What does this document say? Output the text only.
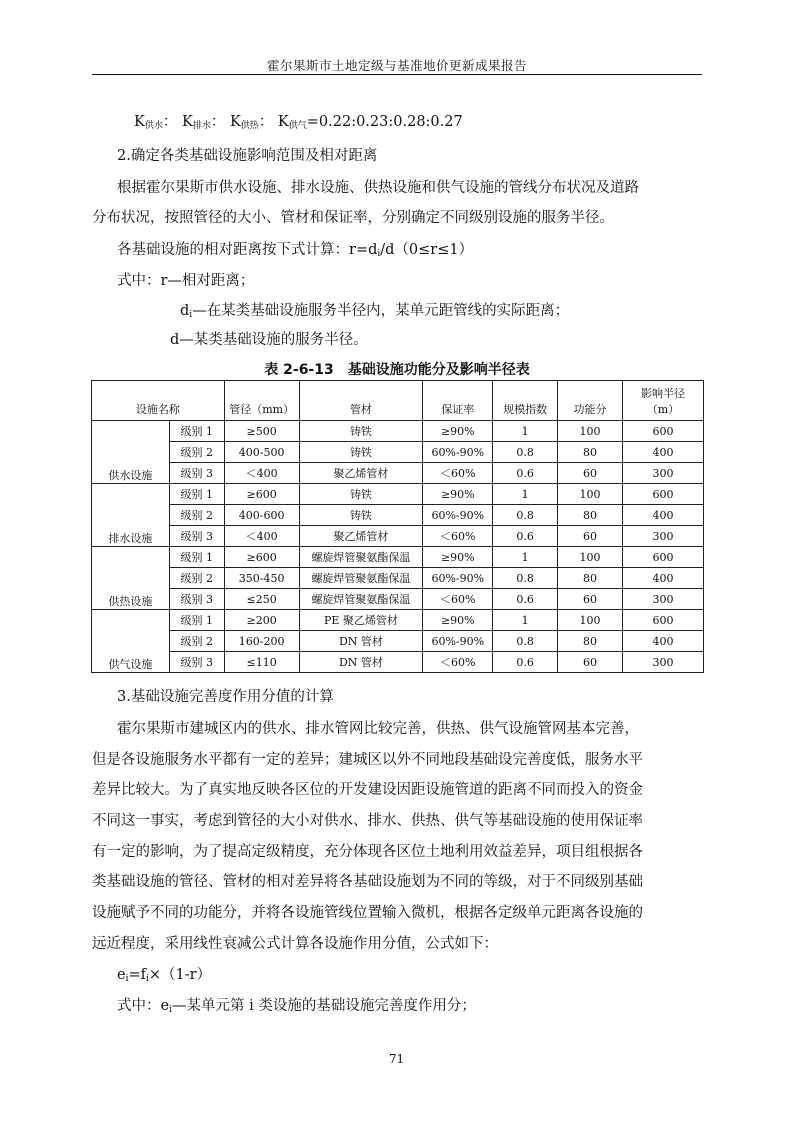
霍尔果斯市土地定级与基准地价更新成果报告
$K_{供水}$： $K_{排水}$： $K_{供热}$： $K_{供气}=0.22:0.23:0.28:0.27$
2.确定各类基础设施影响范围及相对距离
根据霍尔果斯市供水设施、排水设施、供热设施和供气设施的管线分布状况及道路
分布状况，按照管径的大小、管材和保证率，分别确定不同级别设施的服务半径。
各基础设施的相对距离按下式计算：$r=d_i/d(0\le r\le 1)$
式中：r—相对距离；
$d_i—$在某类基础设施服务半径内，某单元距管线的实际距离；
d—某类基础设施的服务半径。
表 2-6-13　基础设施功能分及影响半径表
设施名称		管径（mm）	管材	保证率	规模指数	功能分	影响半径（m）
供水设施	级别 1	≥500	铸铁	≥90%	1	100	600
	级别 2	400-500	铸铁	60%-90%	0.8	80	400
	级别 3	＜400	聚乙烯管材	＜60%	0.6	60	300
排水设施	级别 1	≥600	铸铁	≥90%	1	100	600
	级别 2	400-600	铸铁	60%-90%	0.8	80	400
	级别 3	＜400	聚乙烯管材	＜60%	0.6	60	300
供热设施	级别 1	≥600	螺旋焊管聚氨酯保温	≥90%	1	100	600
	级别 2	350-450	螺旋焊管聚氨酯保温	60%-90%	0.8	80	400
	级别 3	≤250	螺旋焊管聚氨酯保温	＜60%	0.6	60	300
供气设施	级别 1	≥200	PE 聚乙烯管材	≥90%	1	100	600
	级别 2	160-200	DN 管材	60%-90%	0.8	80	400
	级别 3	≤110	DN 管材	＜60%	0.6	60	300
3.基础设施完善度作用分值的计算
霍尔果斯市建城区内的供水、排水管网比较完善，供热、供气设施管网基本完善，
但是各设施服务水平都有一定的差异；建城区以外不同地段基础设完善度低，服务水平
差异比较大。为了真实地反映各区位的开发建设因距设施管道的距离不同而投入的资金
不同这一事实，考虑到管径的大小对供水、排水、供热、供气等基础设施的使用保证率
有一定的影响，为了提高定级精度，充分体现各区位土地利用效益差异，项目组根据各
类基础设施的管径、管材的相对差异将各基础设施划为不同的等级，对于不同级别基础
设施赋予不同的功能分，并将各设施管线位置输入微机，根据各定级单元距离各设施的
远近程度，采用线性衰减公式计算各设施作用分值，公式如下：
$e_i=f_i\times(1-r)$
式中：$e_i—$某单元第 i 类设施的基础设施完善度作用分；
71
